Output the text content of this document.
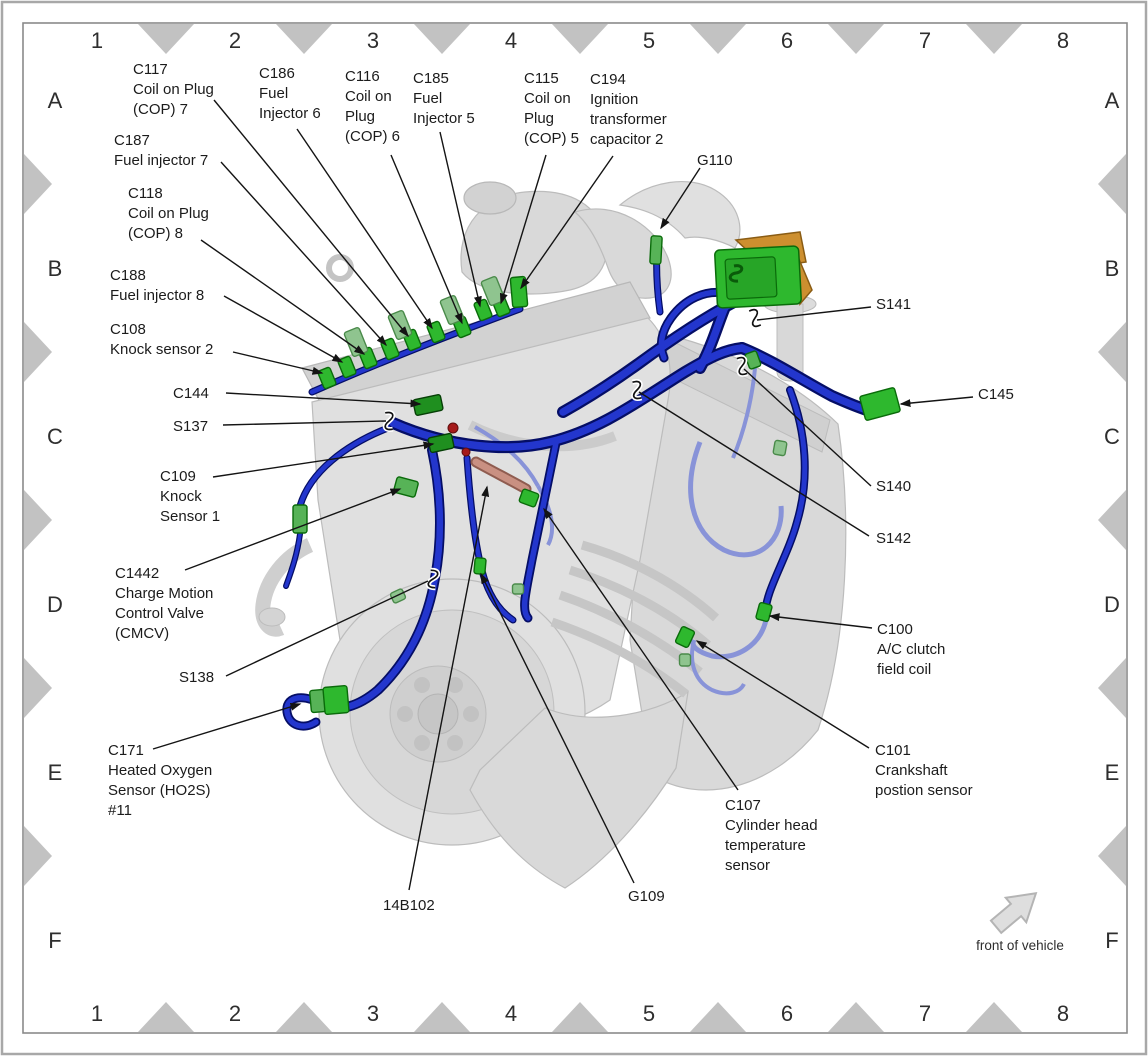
1
1
2
2
3
3
4
4
5
5
6
6
7
7
8
8
A	A
B	B
C	C
D	D
E	E
F	F
front of vehicle
C117
Coil on Plug
(COP) 7
C187
Fuel injector 7
C118
Coil on Plug
(COP) 8
C188
Fuel injector 8
C108
Knock sensor 2
C144
S137
C109
Knock
Sensor 1
C1442
Charge Motion
Control Valve
(CMCV)
S138
C171
Heated Oxygen
Sensor (HO2S)
#11
C186
Fuel
Injector 6
C116
Coil on
Plug
(COP) 6
C185
Fuel
Injector 5
C115
Coil on
Plug
(COP) 5
C194
Ignition
transformer
capacitor 2
G110
S141
C145
S140
S142
C100
A/C clutch
field coil
C101
Crankshaft
postion sensor
C107
Cylinder head
temperature
sensor
G109
14B102
